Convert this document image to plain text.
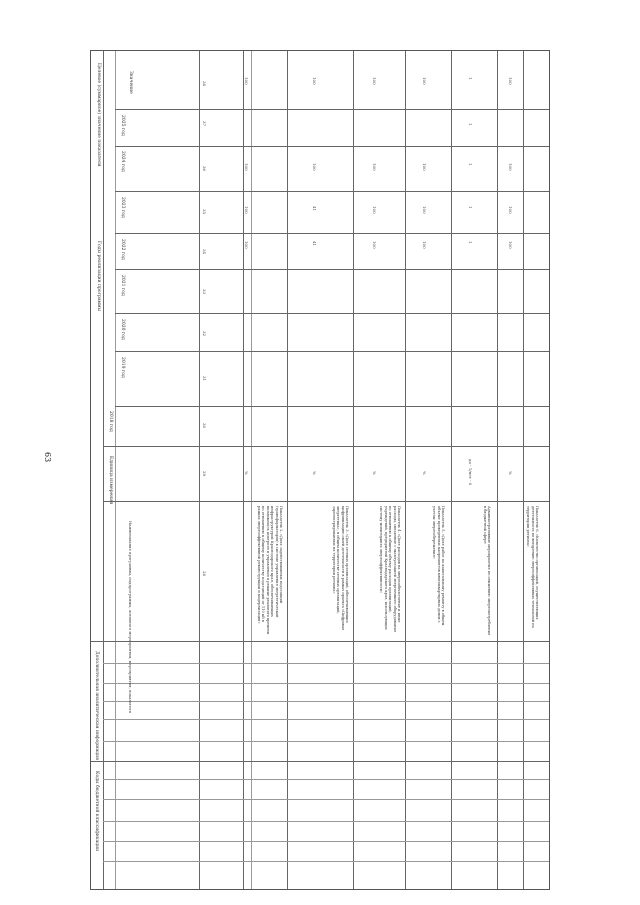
63
Целевое (суммарное) значение показателя
Годы реализации программы
Наименование программы, подпрограммы, основного мероприятия, мероприятия, показателя
Единица измерения
2018 год
Дополнительная аналитическая информация
Коды бюджетной классификации
Значение
2025 год
2024 год
2023 год
2022 год
2021 год
2020 год
2019 год
38
37
36
35
34
33
32
31
30
29
28	Показатель 2. «Доля задействованных подстанций (трансформаторов) в системе управления энергетической инфраструктурой Краснодарского края, обеспечивающих возможность контроля и управления в режиме реального времени по отношению к общему количеству подстанций от 110 кВ в рамках энергоэффективной реконструкции и модернизации»
%
100
100
100
100
Показатель 3. «Доля сетевых организаций, обеспечивающих цифровизацию своей деятельности в рамках проекта «Цифровая энергетика», в общем количестве сетевых организаций, зарегистрированных на территории региона»
%
41
41
100
100
Показатель 4. «Доля расходов на энергообеспечение и иные расходы, связанные с эксплуатацией энергоемкого оборудования по отношению к общему объему расходов организаций, учреждений, предприятий Краснодарского края, использующих систему мониторинга энергоэффективности»
%
100
100
100
100
Показатель 5. «Доля работ по капитальному ремонту в общем объеме проведенных капремонтов многоквартирных домов с учетом энергосбережения»
%
100
100
100
100
Административные мероприятия по снижению энергопотребления в бюджетной сфере
да - 1/нет - 0
1
1
1
1
1
Показатель 6. «Количество организаций, осуществляющих деятельность по внедрению энергоэффективных технологий на территории региона»
%
100
100
100
100
